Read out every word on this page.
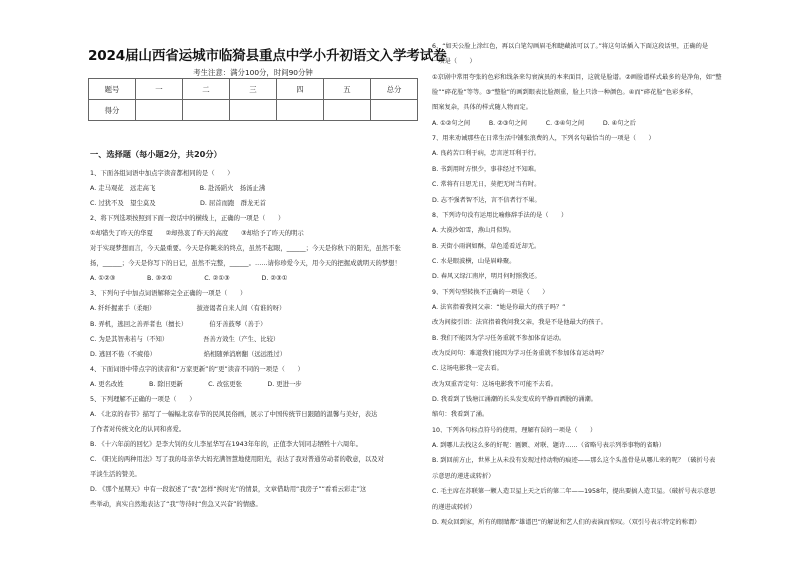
2024届山西省运城市临猗县重点中学小升初语文入学考试卷
考生注意：满分100分，时间90分钟
题号	一	二	三	四	五	总分
得分						
一、选择题（每小题2分，共20分）
1、下面各组词语中加点字读音都相同的是（　　）
A. 走马观花　远走高飞　　　　　　　B. 赴汤蹈火　扬汤止沸
C. 过犹不及　望尘莫及　　　　　　　D. 屈首而跑　群龙无首
2、将下列选项按照到下面一段话中的横线上，正确的一项是（　　）
①却错失了昨天的华夏　　②却热衷了昨天的高度　　③却给予了昨天的明示
对于实现梦想而言，今天最重要。今天是你眺来的终点，虽然不起眼，______；今天是你秋下的阳光，虽然不张
扬，______；今天是你写下的日记，虽然不完整，______。……请你珍爱今天，用今天的把握成就明天的梦想！
A. ①②③　　　　　B. ③②①　　　　　C. ②①③　　　　　D. ②③①
3、下列句子中加点词语解释完全正确的一项是（　　）
A. 纤纤握素手（柔细）　　　　　　　拔迹谒者自来人间（有谁的呀）
B. 弄机，逃回之善弄者也（擅长）　　　　伯牙善鼓琴（善于）
C. 为是其智弗若与（不知）　　　　　　吾善方效生（产生、比较）
D. 逃回不倦（不疲倦）　　　　　　　　焰相随弹消磨翻（远远胜过）
4、下面词语中带点字的读音和“万家更新”的“更”读音不同的一项是（　　）
A. 更名改姓　　　　B. 除旧更新　　　　C. 改弦更张　　　　D. 更进一步
5、下列理解不正确的一项是（　　）
A. 《北京的春节》描写了一幅幅北京春节的民风民俗画，展示了中国传统节日跟随的温馨与美好，表达
了作者对传统文化的认同和喜爱。
B. 《十六年前的回忆》是李大钊的女儿李星华写在1943年年的，正值李大钊同志牺牲十六周年。
C. 《阳光的两种用法》写了我的母亲华大妈充满智慧地使用阳光，表达了我对普通劳动者的敬意，以及对
平淡生活的赞美。
D. 《那个星期天》中有一段叙述了“我”怎样“挨时光”的情景，文章借助用“我房子”“看看云彩走”这
些举动，真实自然地表达了“我”等待时“焦急又兴奋”的情感。
6、“如天公脸上涂红色，再以白笔勾画眉毛和睫藏浓可以了。”将这句话插入下面这段话里，正确的是
一项是（　　）
①京剧中常用夸张的色彩和线条来勾衰演员的本来面目，这就是脸谱。②画脸谱样式最多的是净角，如“整
脸”“碎花脸”等等。③“整脸”的画到眼表比脸测重，脸上只涂一种颜色。④而“碎花脸”色彩多样，
图案复杂，具体的样式随人物而定。
A. ①②句之间　　　B. ②③句之间　　　C. ③④句之间　　　D. ④句之后
7、用来劝诫那些在日常生活中铺张浪费的人，下列名句最恰当的一项是（　　）
A. 良药苦口利于病，忠言逆耳利于行。
B. 书到用时方恨少，事非经过不知难。
C. 常将有日思无日，莫把无时当有时。
D. 志不强者智不达，言不信者行不果。
8、下列诗句没有运用比喻修辞手法的是（　　）
A. 大漠沙如雪，燕山月似钩。
B. 天街小雨润如酥，草色遥看近却无。
C. 水是眼波横，山是眉峰聚。
D. 春风又绿江南岸，明月何时照我还。
9、下列句型转换不正确的一项是（　　）
A. 法官指着我问父亲：“她是你最大的孩子吗？”
改为间接引语：法官指着我问我父亲，我是不是他最大的孩子。
B. 我们不能因为学习任务重就不参加体育运动。
改为反问句：难道我们能因为学习任务重就不参加体育运动吗？
C. 这场电影我一定去看。
改为双重否定句：这场电影我不可能不去看。
D. 我看到了钱塘江涌潮的长头发变成的平静而洒脱的涌潮。
缩句：我看到了涌。
10、下列各句标点符号的使用，理解有误的一项是（　　）
A. 到哪儿去找这么多的好呢：匾额、对联、题诗……（省略号表示列举事物的省略）
B. 到回前方止，世界上从未没有发现过持动物的痕迹——那么这个头盖骨是从哪儿来的呢？（破折号表
示意思的递进或转折）
C. 毛主席在苏联第一颗人造卫星上天之后的第二年——1958年，提出要搞人造卫星。（破折号表示意思
的递进或转折）
D. 观众回到家，所有的眼睛都“雄谱巴”的解说和艺人们的表演而惊叹。（双引号表示特定的称谓）
